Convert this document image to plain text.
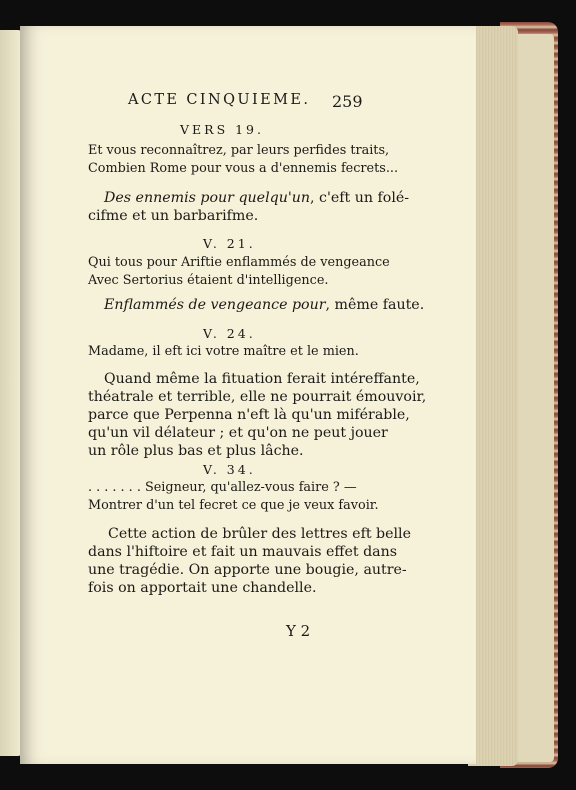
ACTE CINQUIEME. 259
VERS 19.
Et vous reconnaîtrez, par leurs perfides traits,
Combien Rome pour vous a d'ennemis fecrets...
Des ennemis pour quelqu'un, c'eft un folé-
cifme et un barbarifme.
V. 21.
Qui tous pour Ariftie enflammés de vengeance
Avec Sertorius étaient d'intelligence.
Enflammés de vengeance pour, même faute.
V. 24.
Madame, il eft ici votre maître et le mien.
Quand même la fituation ferait intéreffante,
théatrale et terrible, elle ne pourrait émouvoir,
parce que Perpenna n'eft là qu'un miférable,
qu'un vil délateur ; et qu'on ne peut jouer
un rôle plus bas et plus lâche.
V. 34.
. . . . . . . Seigneur, qu'allez-vous faire ? —
Montrer d'un tel fecret ce que je veux favoir.
Cette action de brûler des lettres eft belle
dans l'hiftoire et fait un mauvais effet dans
une tragédie. On apporte une bougie, autre-
fois on apportait une chandelle.
Y 2
